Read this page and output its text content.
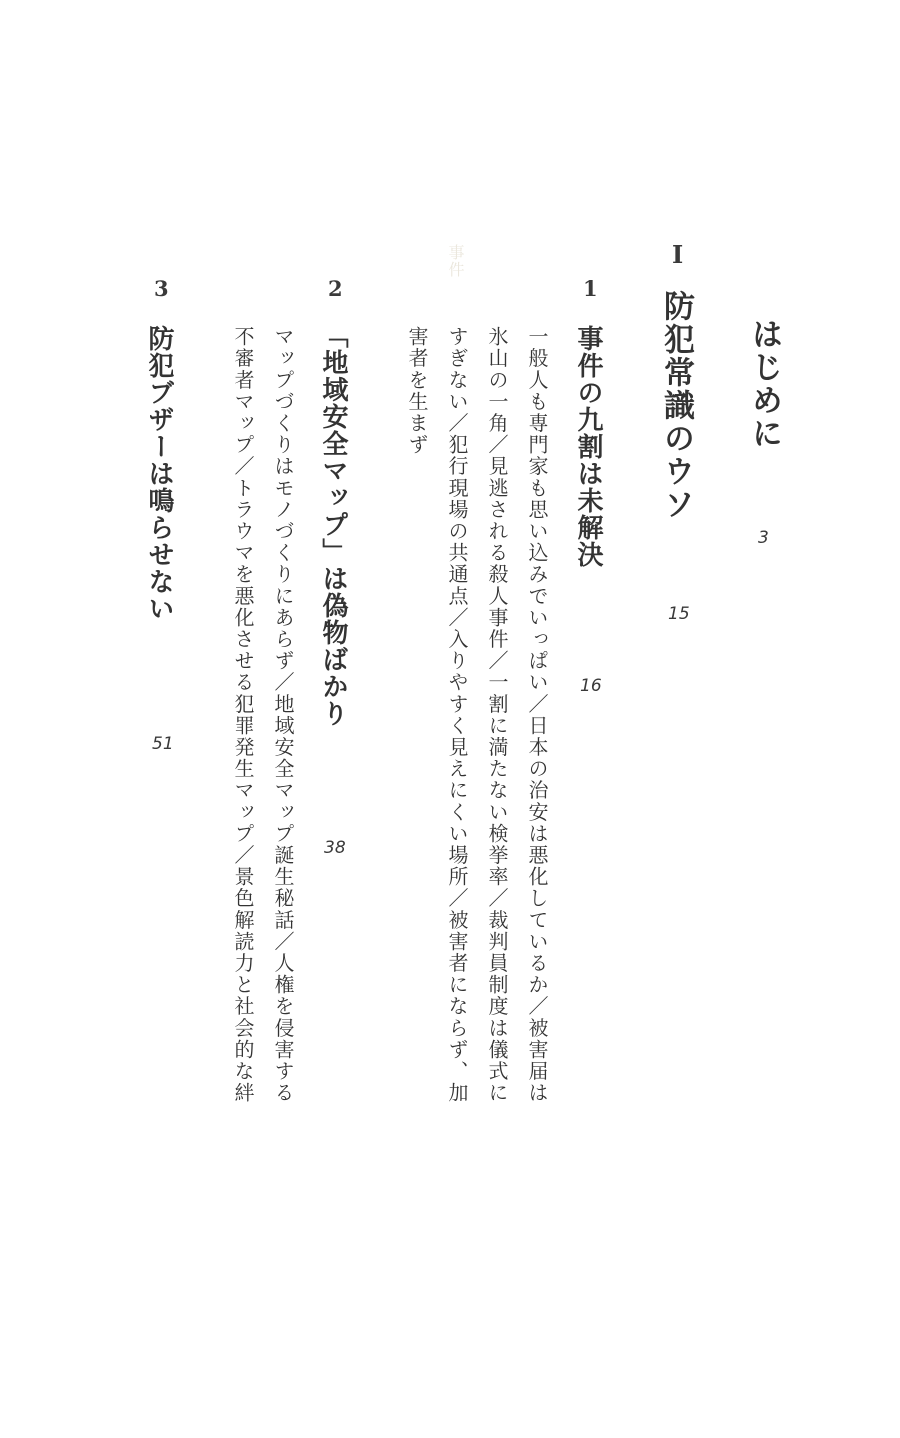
はじめに
3
I
防犯常識のウソ
15
1
事件の九割は未解決
16
一般人も専門家も思い込みでいっぱい／日本の治安は悪化しているか／被害届は
氷山の一角／見逃される殺人事件／一割に満たない検挙率／裁判員制度は儀式に
すぎない／犯行現場の共通点／入りやすく見えにくい場所／被害者にならず、加
害者を生まず
事件
2
「地域安全マップ」は偽物ばかり
38
マップづくりはモノづくりにあらず／地域安全マップ誕生秘話／人権を侵害する
不審者マップ／トラウマを悪化させる犯罪発生マップ／景色解読力と社会的な絆
3
防犯ブザーは鳴らせない
51
